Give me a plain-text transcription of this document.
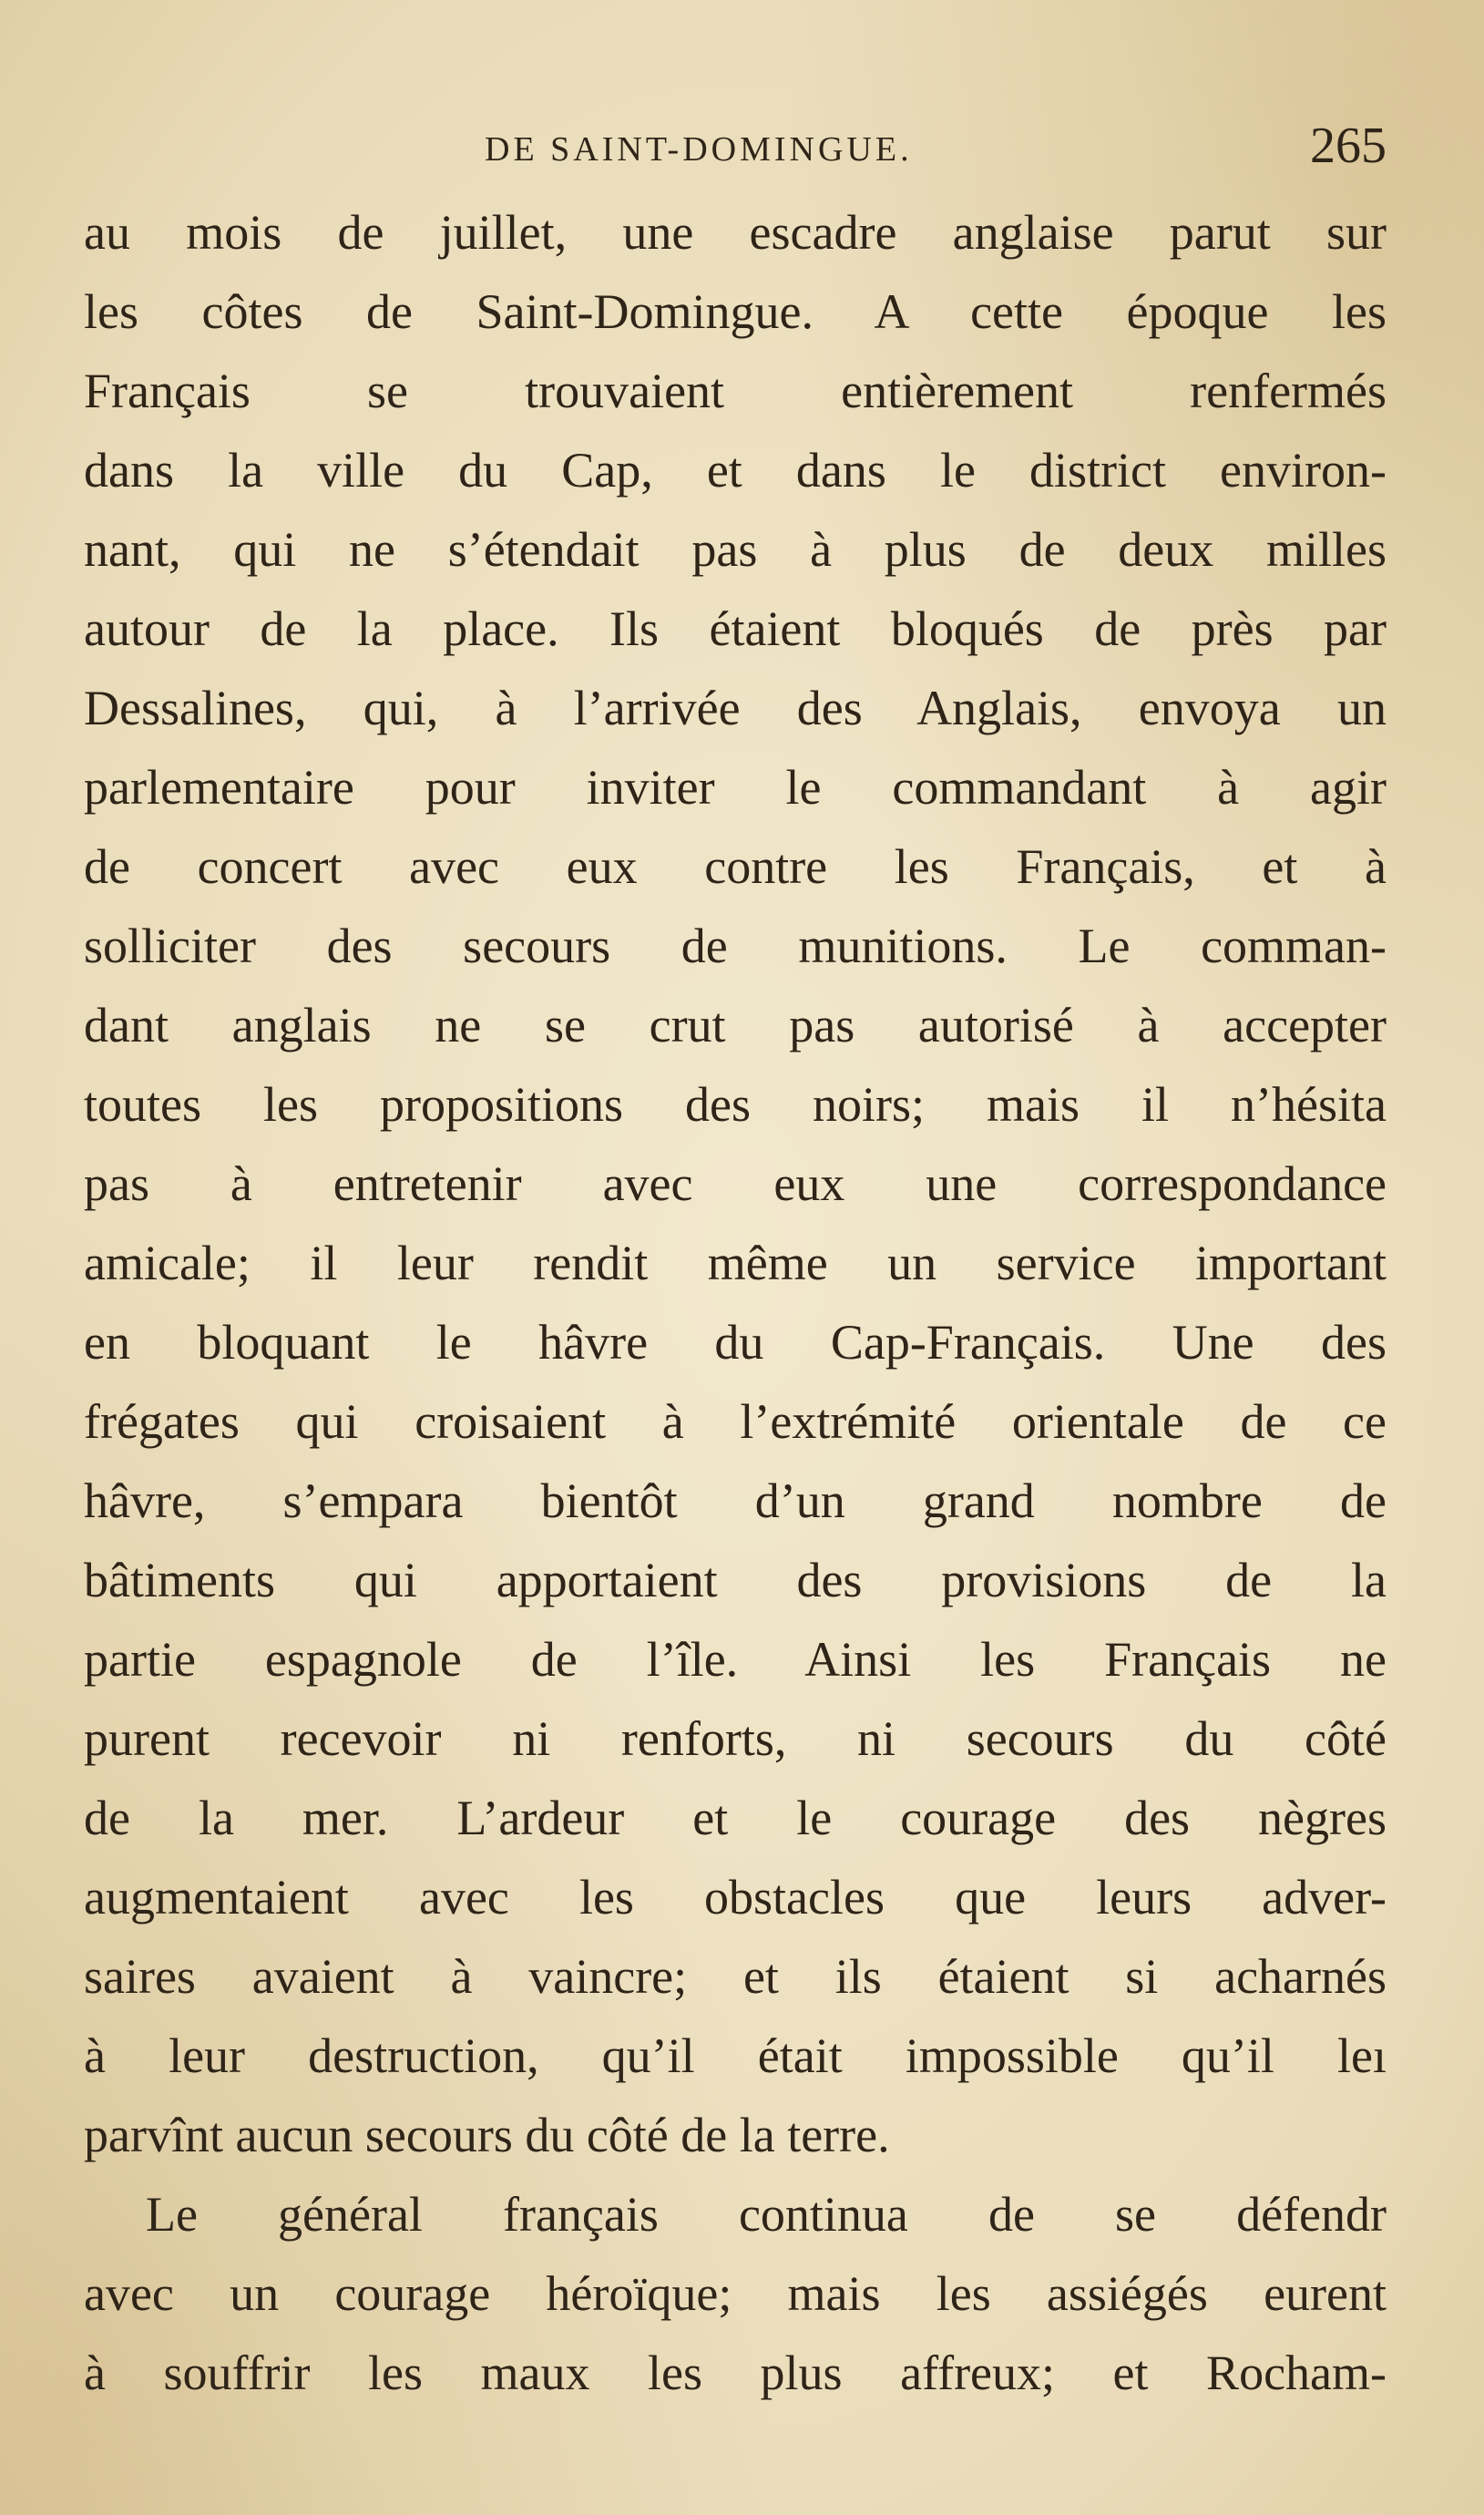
DE SAINT-DOMINGUE.	265
au mois de juillet, une escadre anglaise parut sur
les côtes de Saint-Domingue. A cette époque les
Français se trouvaient entièrement renfermés
dans la ville du Cap, et dans le district environ-
nant, qui ne s’étendait pas à plus de deux milles
autour de la place. Ils étaient bloqués de près par
Dessalines, qui, à l’arrivée des Anglais, envoya un
parlementaire pour inviter le commandant à agir
de concert avec eux contre les Français, et à
solliciter des secours de munitions. Le comman-
dant anglais ne se crut pas autorisé à accepter
toutes les propositions des noirs; mais il n’hésita
pas à entretenir avec eux une correspondance
amicale; il leur rendit même un service important
en bloquant le hâvre du Cap-Français. Une des
frégates qui croisaient à l’extrémité orientale de ce
hâvre, s’empara bientôt d’un grand nombre de
bâtiments qui apportaient des provisions de la
partie espagnole de l’île. Ainsi les Français ne
purent recevoir ni renforts, ni secours du côté
de la mer. L’ardeur et le courage des nègres
augmentaient avec les obstacles que leurs adver-
saires avaient à vaincre; et ils étaient si acharnés
à leur destruction, qu’il était impossible qu’il leı
parvînt aucun secours du côté de la terre.
Le général français continua de se défendr
avec un courage héroïque; mais les assiégés eurent
à souffrir les maux les plus affreux; et Rocham-
